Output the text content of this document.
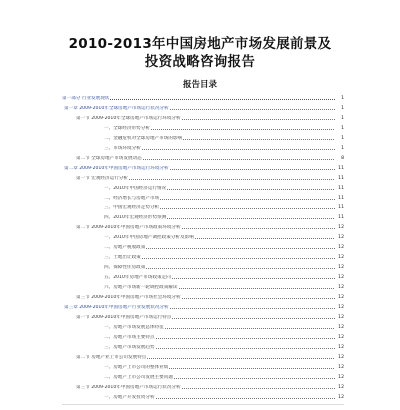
2010-2013年中国房地产市场发展前景及
投资战略咨询报告
报告目录
第一部分 行业发展现状	1
第一章 2009-2010年全球房地产市场运行状况分析	1
第一节 2009-2010年全球房地产市场运行环境分析	1
一、全球经济形势分析	1
二、金融危机对全球房地产市场的影响	1
三、市场环境分析	1
第二节 全球房地产市场发展动态	8
第二章 2009-2010年中国房地产市场运行环境分析	11
第一节 宏观经济运行分析	11
一、2010年中国经济运行情况	11
二、经济增长与房地产市场	11
三、中国宏观经济走势分析	11
四、2010年宏观经济形势预测	11
第二节 2009-2010年中国房地产市场政策环境分析	12
一、2010年中国房地产调控政策分析及影响	12
二、房地产税收政策	12
三、土地出让政策	12
四、保障性住房政策	12
五、2010年房地产市场政策走向	12
六、房地产市场新一轮调控政策解读	12
第三节 2009-2010年中国房地产市场社会环境分析	12
第三章 2009-2010年中国房地产行业发展状况分析	12
第一节 2009-2010年中国房地产市场运行特点	12
一、房地产市场发展总体特征	12
二、房地产市场主要特点	12
三、房地产市场发展趋势	12
第二节 房地产业上市公司发展特点	12
一、房地产上市公司的整体业绩	12
二、房地产上市公司发展主要问题	12
第三节 2009-2010年中国房地产市场运行状况分析	12
一、房地产开发投资分析	12
